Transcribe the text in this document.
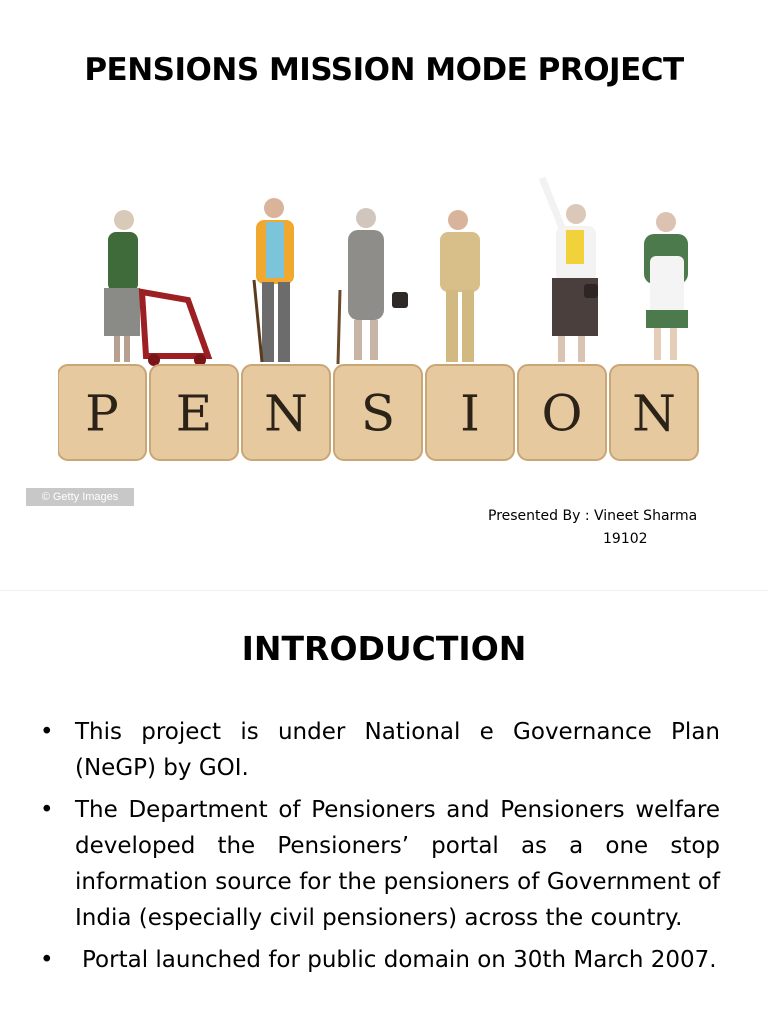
PENSIONS MISSION MODE PROJECT
P E N S I O N
© Getty Images
Presented By : Vineet Sharma
19102
INTRODUCTION
• This project is under National e Governance Plan (NeGP) by GOI.
• The Department of Pensioners and Pensioners welfare developed the Pensioners’ portal as a one stop information source for the pensioners of Government of India (especially civil pensioners) across the country.
• Portal launched for public domain on 30th March 2007.
